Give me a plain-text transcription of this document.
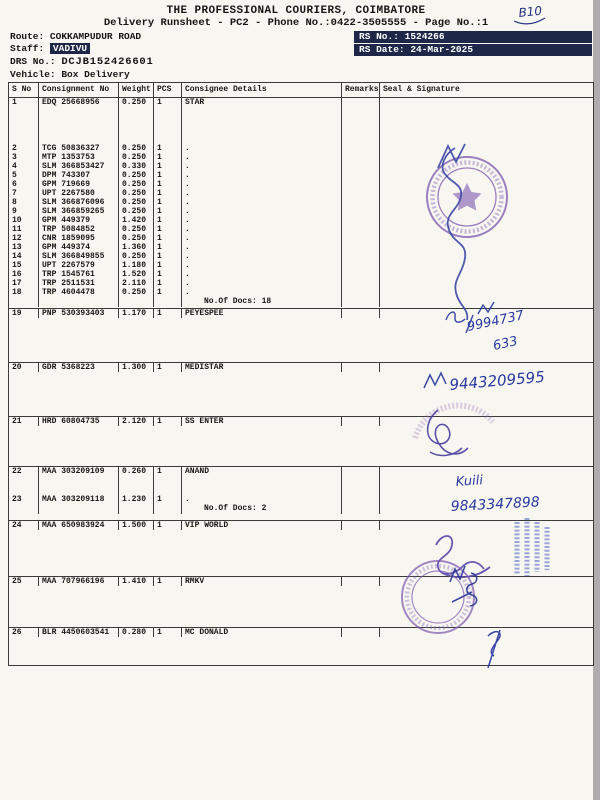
THE PROFESSIONAL COURIERS, COIMBATORE
Delivery Runsheet - PC2 - Phone No.:0422-3505555 - Page No.:1
Route: COKKAMPUDUR ROAD
Staff: VADIVU
DRS No.: DCJB152426601
Vehicle: Box Delivery
RS No.: 1524266
RS Date: 24-Mar-2025
S No	Consignment No	Weight PCS	Consignee Details	Remarks Seal & Signature
1	EDQ 25668956	0.250	1	STAR
2	TCG 50836327	0.250	1	.
3	MTP 1353753	0.250	1	.
4	SLM 366853427	0.330	1	.
5	DPM 743307	0.250	1	.
6	GPM 719669	0.250	1	.
7	UPT 2267580	0.250	1	.
8	SLM 366876096	0.250	1	.
9	SLM 366859265	0.250	1	.
10	GPM 449379	1.420	1	.
11	TRP 5084852	0.250	1	.
12	CNR 1859095	0.250	1	.
13	GPM 449374	1.360	1	.
14	SLM 366849855	0.250	1	.
15	UPT 2267579	1.180	1	.
16	TRP 1545761	1.520	1	.
17	TRP 2511531	2.110	1	.
18	TRP 4604478	0.250	1	.
No.Of Docs: 18
19	PNP 530393403	1.170	1	PEYESPEE
20	GDR 5368223	1.300	1	MEDISTAR
21	HRD 60804735	2.120	1	SS ENTER
22	MAA 303209109	0.260	1	ANAND
23	MAA 303209118	1.230	1	.
No.Of Docs: 2
24	MAA 650983924	1.500	1	VIP WORLD
25	MAA 707966196	1.410	1	RMKV
26	BLR 4450603541	0.280	1	MC DONALD
B10
9994737
633
9443209595
Kuili
9843347898
